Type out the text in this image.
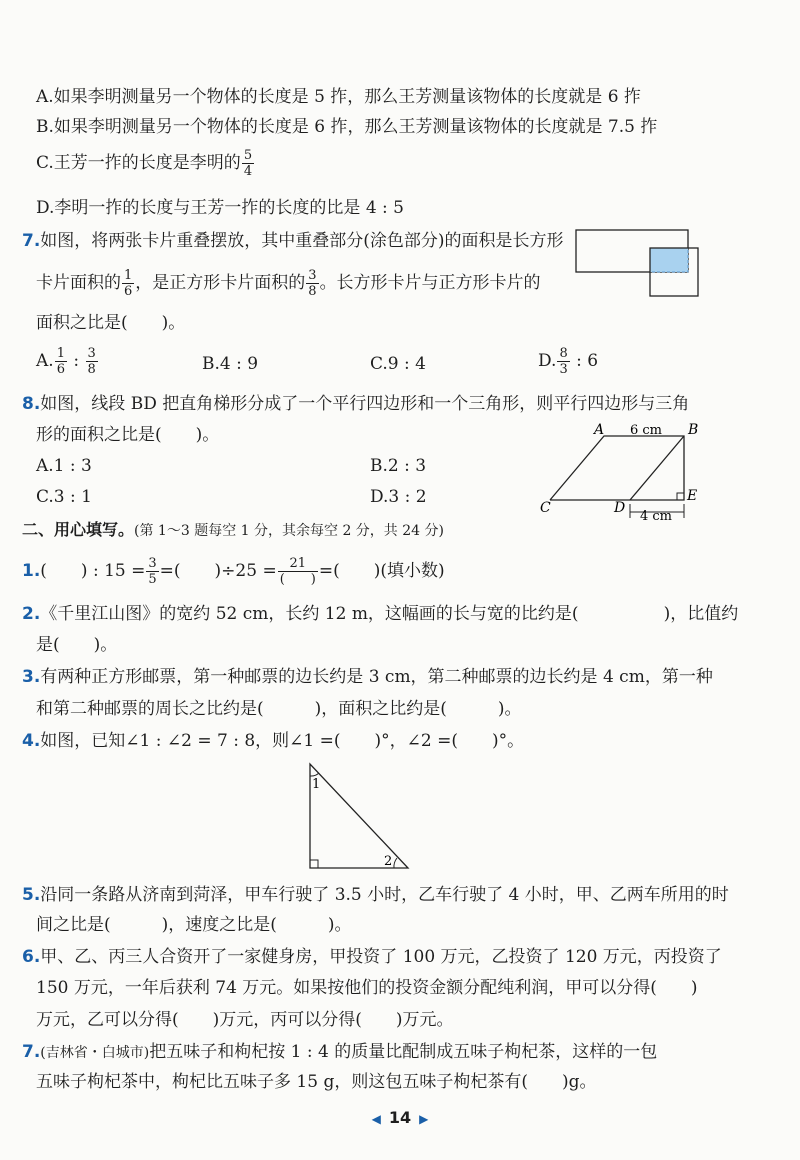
A.如果李明测量另一个物体的长度是 5 拃，那么王芳测量该物体的长度就是 6 拃
B.如果李明测量另一个物体的长度是 6 拃，那么王芳测量该物体的长度就是 7.5 拃
C.王芳一拃的长度是李明的 $\frac{5}{4}$
D.李明一拃的长度与王芳一拃的长度的比是 4 : 5
7.如图，将两张卡片重叠摆放，其中重叠部分(涂色部分)的面积是长方形
卡片面积的 $\frac{1}{6}$ ，是正方形卡片面积的 $\frac{3}{8}$ 。长方形卡片与正方形卡片的
面积之比是(　　)。
A. $\frac{1}{6}$ : $\frac{3}{8}$	B.4 : 9	C.9 : 4	D. $\frac{8}{3}$ : 6
8.如图，线段 BD 把直角梯形分成了一个平行四边形和一个三角形，则平行四边形与三角
形的面积之比是(　　)。
A.1 : 3	B.2 : 3
C.3 : 1	D.3 : 2
A	B
C	D
E
6 cm
4 cm
二、用心填写。(第 1～3 题每空 1 分，其余每空 2 分，共 24 分)
1.(　　) : $15 = \frac{3}{5}$ =(　　)$\div 25 = \frac{21}{( )}$ =(　　)(填小数)
2.《千里江山图》的宽约 52 cm，长约 12 m，这幅画的长与宽的比约是(　　　　　)，比值约
是(　　)。
3.有两种正方形邮票，第一种邮票的边长约是 3 cm，第二种邮票的边长约是 4 cm，第一种
和第二种邮票的周长之比约是(　　　)，面积之比约是(　　　)。
4.如图，已知∠1 : ∠2 = 7 : 8，则∠1 =(　　)°，∠2 =(　　)°。
1
2
5.沿同一条路从济南到菏泽，甲车行驶了 3.5 小时，乙车行驶了 4 小时，甲、乙两车所用的时
间之比是(　　　)，速度之比是(　　　)。
6.甲、乙、丙三人合资开了一家健身房，甲投资了 100 万元，乙投资了 120 万元，丙投资了
150 万元，一年后获利 74 万元。如果按他们的投资金额分配纯利润，甲可以分得(　　)
万元，乙可以分得(　　)万元，丙可以分得(　　)万元。
7.(吉林省・白城市)把五味子和枸杞按 1 : 4 的质量比配制成五味子枸杞茶，这样的一包
五味子枸杞茶中，枸杞比五味子多 15 g，则这包五味子枸杞茶有(　　)g。
◀ 14 ▶
